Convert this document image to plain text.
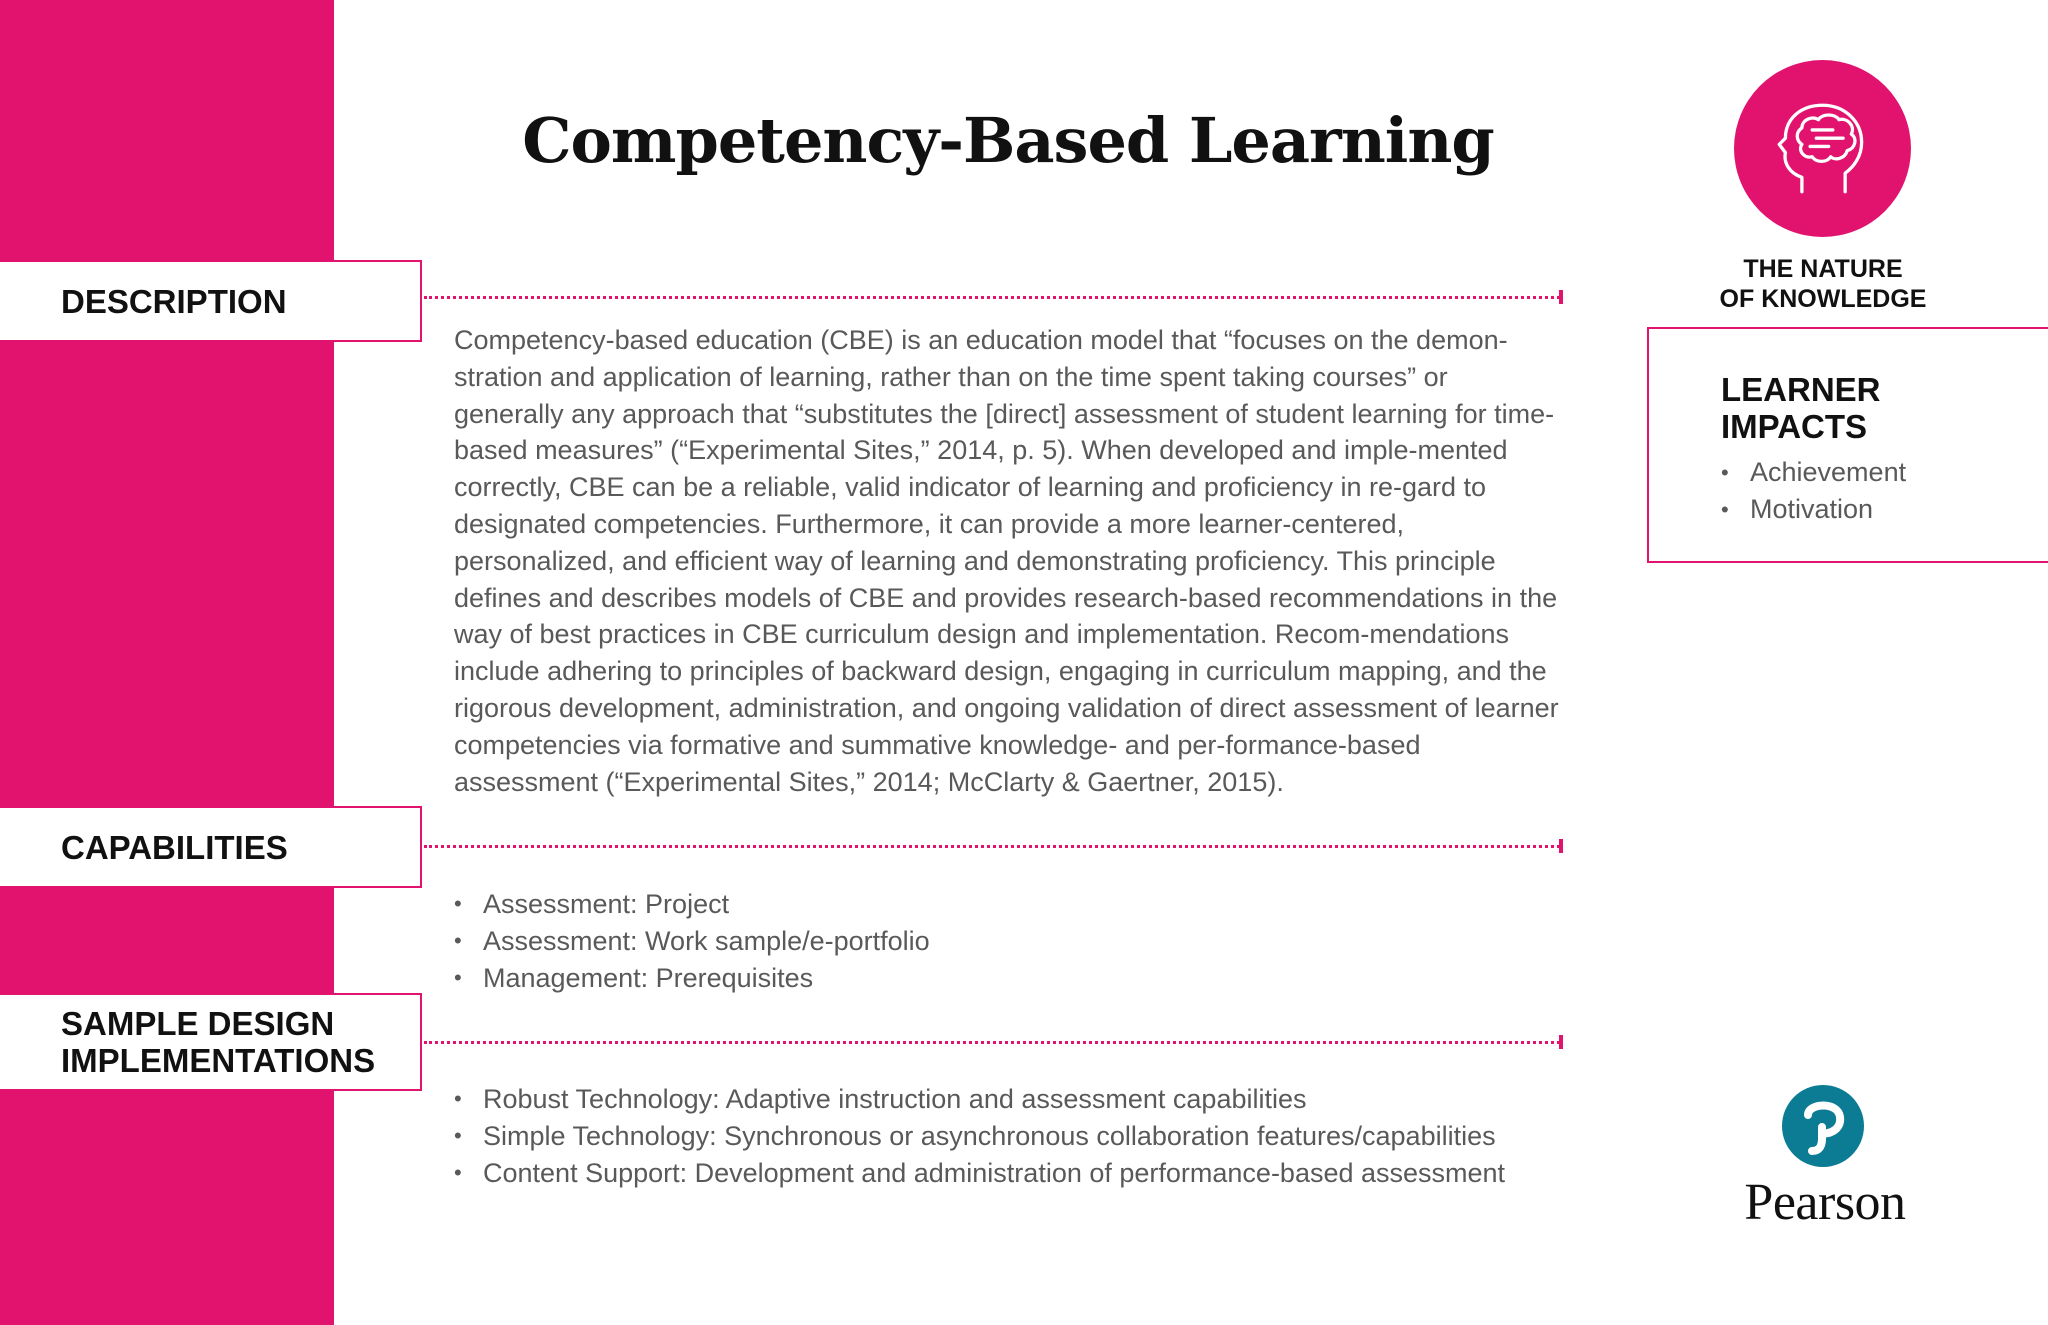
Competency-Based Learning
DESCRIPTION

Competency-based education (CBE) is an education model that “focuses on the demon-stration and application of learning, rather than on the time spent taking courses” or generally any approach that “substitutes the [direct] assessment of student learning for time-based measures” (“Experimental Sites,” 2014, p. 5). When developed and imple-mented correctly, CBE can be a reliable, valid indicator of learning and proficiency in re-gard to designated competencies. Furthermore, it can provide a more learner-centered, personalized, and efficient way of learning and demonstrating proficiency. This principle defines and describes models of CBE and provides research-based recommendations in the way of best practices in CBE curriculum design and implementation. Recom-mendations include adhering to principles of backward design, engaging in curriculum mapping, and the rigorous development, administration, and ongoing validation of direct assessment of learner competencies via formative and summative knowledge- and per-formance-based assessment (“Experimental Sites,” 2014; McClarty & Gaertner, 2015).

CAPABILITIES
• Assessment: Project
• Assessment: Work sample/e-portfolio
• Management: Prerequisites
SAMPLE DESIGN
IMPLEMENTATIONS
• Robust Technology: Adaptive instruction and assessment capabilities
• Simple Technology: Synchronous or asynchronous collaboration features/capabilities
• Content Support: Development and administration of performance-based assessment
THE NATURE
OF KNOWLEDGE
LEARNER
IMPACTS
• Achievement
• Motivation
Pearson
